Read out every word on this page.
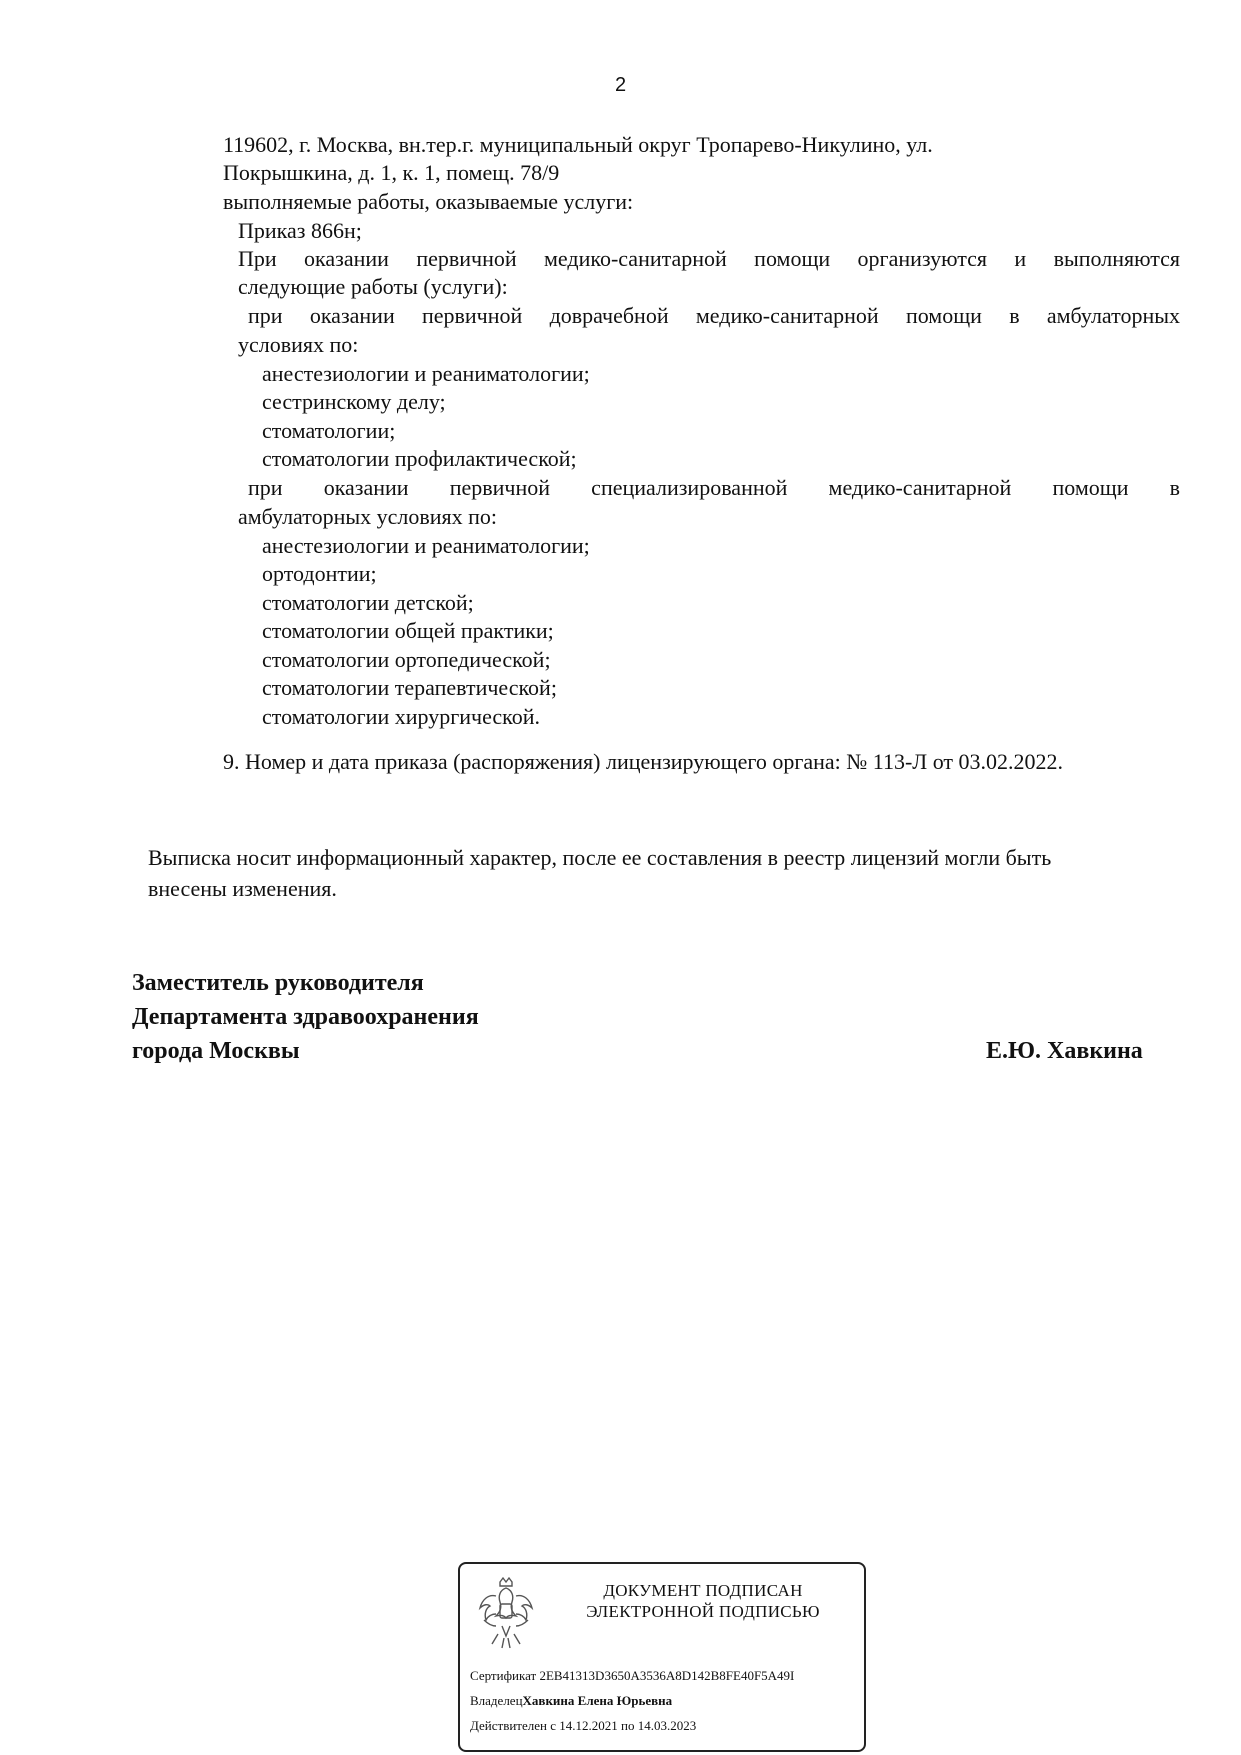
2
119602, г. Москва, вн.тер.г. муниципальный округ Тропарево-Никулино, ул.
Покрышкина, д. 1, к. 1, помещ. 78/9
выполняемые работы, оказываемые услуги:
Приказ 866н;
При оказании первичной медико-санитарной помощи организуются и выполняются
следующие работы (услуги):
при оказании первичной доврачебной медико-санитарной помощи в амбулаторных
условиях по:
анестезиологии и реаниматологии;
сестринскому делу;
стоматологии;
стоматологии профилактической;
при оказании первичной специализированной медико-санитарной помощи в
амбулаторных условиях по:
анестезиологии и реаниматологии;
ортодонтии;
стоматологии детской;
стоматологии общей практики;
стоматологии ортопедической;
стоматологии терапевтической;
стоматологии хирургической.
9. Номер и дата приказа (распоряжения) лицензирующего органа: № 113-Л от 03.02.2022.
Выписка носит информационный характер, после ее составления в реестр лицензий могли быть
внесены изменения.
Заместитель руководителя
Департамента здравоохранения
города Москвы	Е.Ю. Хавкина
ДОКУМЕНТ ПОДПИСАН
ЭЛЕКТРОННОЙ ПОДПИСЬЮ
Сертификат 2EB41313D3650A3536A8D142B8FE40F5A49I
ВладелецХавкина Елена Юрьевна
Действителен с 14.12.2021 по 14.03.2023
